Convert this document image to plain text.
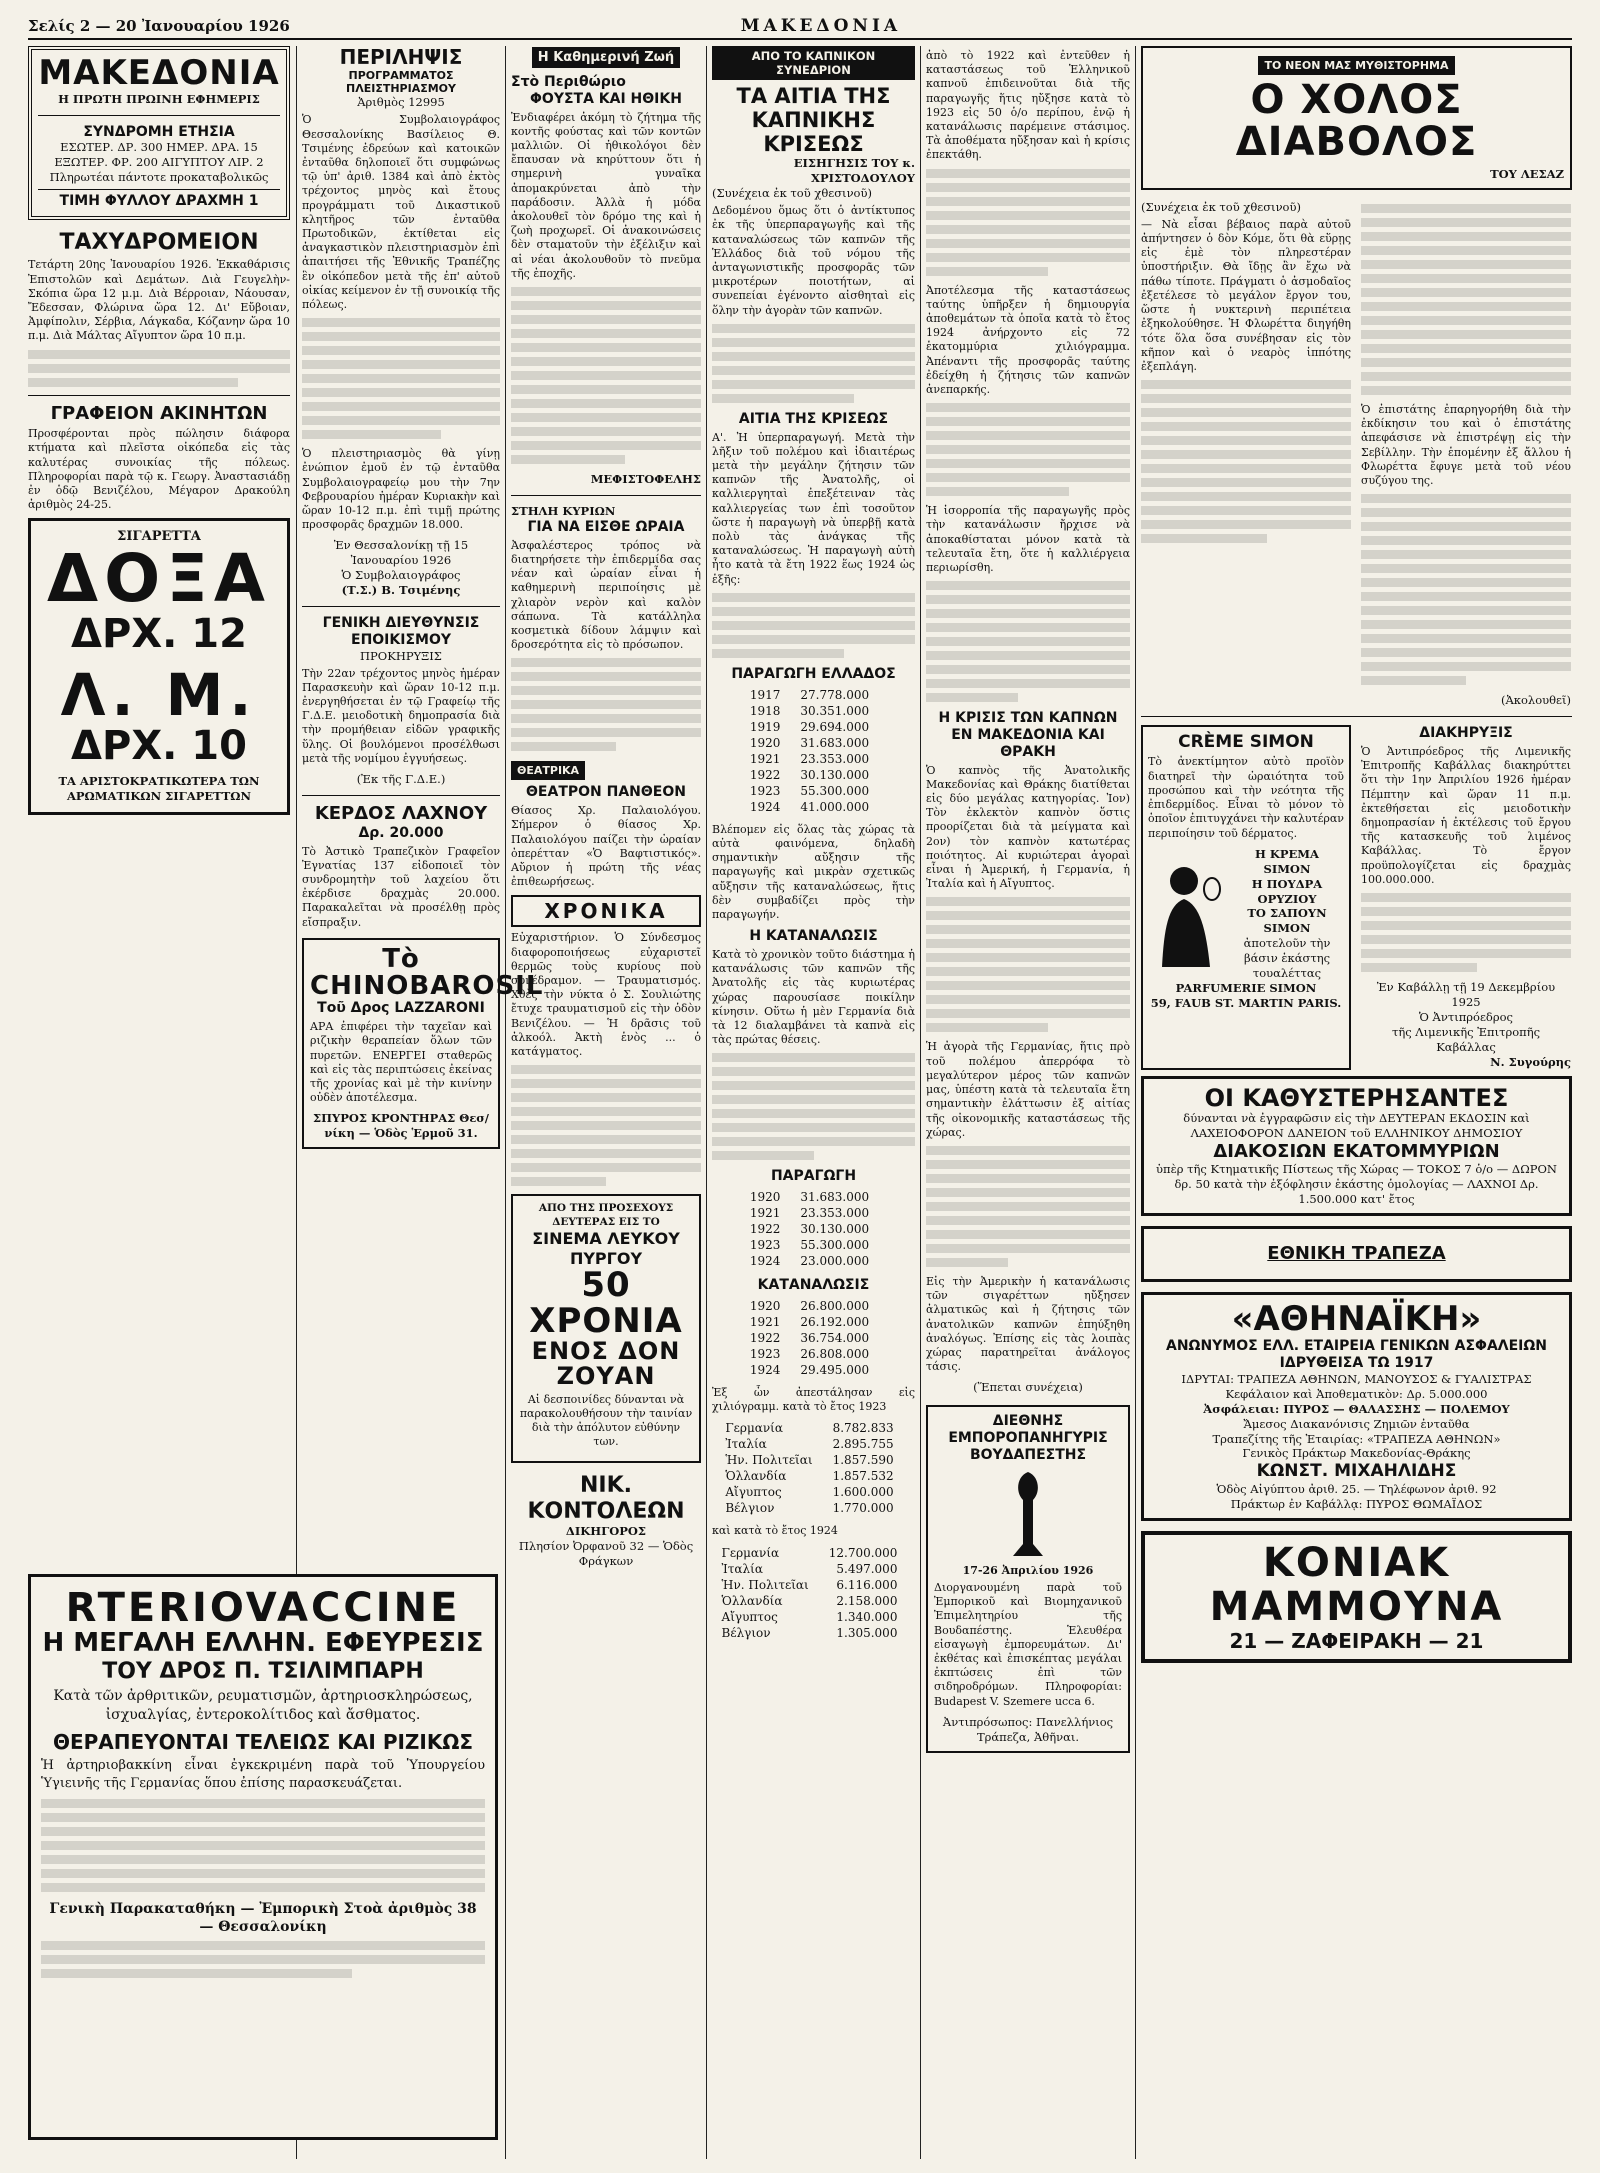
Σελίς 2 — 20 Ἰανουαρίου 1926	ΜΑΚΕΔΟΝΙΑ
ΜΑΚΕΔΟΝΙΑ
Η ΠΡΩΤΗ ΠΡΩΙΝΗ ΕΦΗΜΕΡΙΣ
ΣΥΝΔΡΟΜΗ ΕΤΗΣΙΑ
ΕΣΩΤΕΡ. ΔΡ. 300 ΗΜΕΡ. ΔΡΑ. 15
ΕΞΩΤΕΡ. ΦΡ. 200 ΑΙΓΥΠΤΟΥ ΛΙΡ. 2
Πληρωτέαι πάντοτε προκαταβολικῶς
ΤΙΜΗ ΦΥΛΛΟΥ ΔΡΑΧΜΗ 1
ΤΑΧΥΔΡΟΜΕΙΟΝ

Τετάρτη 20ης Ἰανουαρίου 1926. Ἐκκαθάρισις Ἐπιστολῶν καὶ Δεμάτων. Διὰ Γευγελὴν-Σκόπια ὥρα 12 μ.μ. Διὰ Βέρροιαν, Νάουσαν, Ἔδεσσαν, Φλώρινα ὥρα 12. Δι' Εὔβοιαν, Ἀμφίπολιν, Σέρβια, Λάγκαδα, Κόζανην ὥρα 10 π.μ. Διὰ Μάλτας Αἴγυπτον ὥρα 10 π.μ.

ΓΡΑΦΕΙΟΝ ΑΚΙΝΗΤΩΝ

Προσφέρονται πρὸς πώλησιν διάφορα κτήματα καὶ πλεῖστα οἰκόπεδα εἰς τὰς καλυτέρας συνοικίας τῆς πόλεως. Πληροφορίαι παρὰ τῷ κ. Γεωργ. Ἀναστασιάδῃ ἐν ὁδῷ Βενιζέλου, Μέγαρον Δρακούλη ἀριθμὸς 24-25.

ΣΙΓΑΡΕΤΤΑ
ΔΟΞΑ
ΔΡΧ. 12
Λ. Μ.
ΔΡΧ. 10
ΤΑ ΑΡΙΣΤΟΚΡΑΤΙΚΩΤΕΡΑ ΤΩΝ ΑΡΩΜΑΤΙΚΩΝ ΣΙΓΑΡΕΤΤΩΝ
ΠΕΡΙΛΗΨΙΣ
ΠΡΟΓΡΑΜΜΑΤΟΣ ΠΛΕΙΣΤΗΡΙΑΣΜΟΥ
Ἀριθμὸς 12995

Ὁ Συμβολαιογράφος Θεσσαλονίκης Βασίλειος Θ. Τσιμένης ἐδρεύων καὶ κατοικῶν ἐνταῦθα δηλοποιεῖ ὅτι συμφώνως τῷ ὑπ' ἀριθ. 1384 καὶ ἀπὸ ἐκτὸς τρέχοντος μηνὸς καὶ ἔτους προγράμματι τοῦ Δικαστικοῦ κλητῆρος τῶν ἐνταῦθα Πρωτοδικῶν, ἐκτίθεται εἰς ἀναγκαστικὸν πλειστηριασμὸν ἐπὶ ἀπαιτήσει τῆς Ἐθνικῆς Τραπέζης ἓν οἰκόπεδον μετὰ τῆς ἐπ' αὐτοῦ οἰκίας κείμενον ἐν τῇ συνοικίᾳ τῆς πόλεως.

Ὁ πλειστηριασμὸς θὰ γίνῃ ἐνώπιον ἐμοῦ ἐν τῷ ἐνταῦθα Συμβολαιογραφείῳ μου τὴν 7ην Φεβρουαρίου ἡμέραν Κυριακὴν καὶ ὥραν 10-12 π.μ. ἐπὶ τιμῇ πρώτης προσφορᾶς δραχμῶν 18.000.

Ἐν Θεσσαλονίκῃ τῇ 15 Ἰανουαρίου 1926
Ὁ Συμβολαιογράφος
(Τ.Σ.) Β. Τσιμένης
ΓΕΝΙΚΗ ΔΙΕΥΘΥΝΣΙΣ ΕΠΟΙΚΙΣΜΟΥ
ΠΡΟΚΗΡΥΞΙΣ

Τὴν 22αν τρέχοντος μηνὸς ἡμέραν Παρασκευὴν καὶ ὥραν 10-12 π.μ. ἐνεργηθήσεται ἐν τῷ Γραφείῳ τῆς Γ.Δ.Ε. μειοδοτικὴ δημοπρασία διὰ τὴν προμήθειαν εἰδῶν γραφικῆς ὕλης. Οἱ βουλόμενοι προσέλθωσι μετὰ τῆς νομίμου ἐγγυήσεως.

(Ἐκ τῆς Γ.Δ.Ε.)
ΚΕΡΔΟΣ ΛΑΧΝΟΥ
Δρ. 20.000

Τὸ Ἀστικὸ Τραπεζικὸν Γραφεῖον Ἐγνατίας 137 εἰδοποιεῖ τὸν συνδρομητὴν τοῦ λαχείου ὅτι ἐκέρδισε δραχμὰς 20.000. Παρακαλεῖται νὰ προσέλθῃ πρὸς εἴσπραξιν.

Τὸ CHINOBAROSIL
Τοῦ Δρος LAZZARONI

ΑΡΑ ἐπιφέρει τὴν ταχεῖαν καὶ ριζικὴν θεραπείαν ὅλων τῶν πυρετῶν. ΕΝΕΡΓΕΙ σταθερῶς καὶ εἰς τὰς περιπτώσεις ἐκείνας τῆς χρονίας καὶ μὲ τὴν κινίνην οὐδὲν ἀποτέλεσμα.

ΣΠΥΡΟΣ ΚΡΟΝΤΗΡΑΣ Θεσ/νίκη — Ὁδὸς Ἑρμοῦ 31.
Η Καθημερινή Ζωή
Στὸ Περιθώριο
ΦΟΥΣΤΑ ΚΑΙ ΗΘΙΚΗ

Ἐνδιαφέρει ἀκόμη τὸ ζήτημα τῆς κοντῆς φούστας καὶ τῶν κοντῶν μαλλιῶν. Οἱ ἠθικολόγοι δὲν ἔπαυσαν νὰ κηρύττουν ὅτι ἡ σημερινὴ γυναῖκα ἀπομακρύνεται ἀπὸ τὴν παράδοσιν. Ἀλλὰ ἡ μόδα ἀκολουθεῖ τὸν δρόμο της καὶ ἡ ζωὴ προχωρεῖ. Οἱ ἀνακοινώσεις δὲν σταματοῦν τὴν ἐξέλιξιν καὶ αἱ νέαι ἀκολουθοῦν τὸ πνεῦμα τῆς ἐποχῆς.

ΜΕΦΙΣΤΟΦΕΛΗΣ
ΣΤΗΛΗ ΚΥΡΙΩΝ
ΓΙΑ ΝΑ ΕΙΣΘΕ ΩΡΑΙΑ

Ἀσφαλέστερος τρόπος νὰ διατηρήσετε τὴν ἐπιδερμίδα σας νέαν καὶ ὡραίαν εἶναι ἡ καθημερινὴ περιποίησις μὲ χλιαρὸν νερὸν καὶ καλὸν σάπωνα. Τὰ κατάλληλα κοσμετικὰ δίδουν λάμψιν καὶ δροσερότητα εἰς τὸ πρόσωπον.

ΘΕΑΤΡΙΚΑ
ΘΕΑΤΡΟΝ ΠΑΝΘΕΟΝ

Θίασος Χρ. Παλαιολόγου. Σήμερον ὁ θίασος Χρ. Παλαιολόγου παίζει τὴν ὡραίαν ὀπερέτταν «Ὁ Βαφτιστικός». Αὔριον ἡ πρώτη τῆς νέας ἐπιθεωρήσεως.

ΧΡΟΝΙΚΑ

Εὐχαριστήριον. Ὁ Σύνδεσμος διαφοροποιήσεως εὐχαριστεῖ θερμῶς τοὺς κυρίους ποὺ συνέδραμον. — Τραυματισμός. Χθὲς τὴν νύκτα ὁ Σ. Σουλιώτης ἔτυχε τραυματισμοῦ εἰς τὴν ὁδὸν Βενιζέλου. — Ἡ δρᾶσις τοῦ ἀλκοόλ. Ἀκτὴ ἑνὸς ... ὁ κατάγματος.

ΑΠΟ ΤΗΣ ΠΡΟΣΕΧΟΥΣ ΔΕΥΤΕΡΑΣ ΕΙΣ ΤΟ
ΣΙΝΕΜΑ ΛΕΥΚΟΥ ΠΥΡΓΟΥ
50 ΧΡΟΝΙΑ
ΕΝΟΣ ΔΟΝ ΖΟΥΑΝ

Αἱ δεσποινίδες δύνανται νὰ παρακολουθήσουν τὴν ταινίαν διὰ τὴν ἀπόλυτον εὐθύνην των.

ΝΙΚ. ΚΟΝΤΟΛΕΩΝ
ΔΙΚΗΓΟΡΟΣ
Πλησίον Ὀρφανοῦ 32 — Ὁδὸς Φράγκων
ΑΠΟ ΤΟ ΚΑΠΝΙΚΟΝ ΣΥΝΕΔΡΙΟΝ
ΤΑ ΑΙΤΙΑ ΤΗΣ ΚΑΠΝΙΚΗΣ ΚΡΙΣΕΩΣ
ΕΙΣΗΓΗΣΙΣ ΤΟΥ κ. ΧΡΙΣΤΟΔΟΥΛΟΥ
(Συνέχεια ἐκ τοῦ χθεσινοῦ)

Δεδομένου ὅμως ὅτι ὁ ἀντίκτυπος ἐκ τῆς ὑπερπαραγωγῆς καὶ τῆς καταναλώσεως τῶν καπνῶν τῆς Ἑλλάδος διὰ τοῦ νόμου τῆς ἀνταγωνιστικῆς προσφορᾶς τῶν μικροτέρων ποιοτήτων, αἱ συνεπείαι ἐγένοντο αἰσθηταὶ εἰς ὅλην τὴν ἀγορὰν τῶν καπνῶν.

ΑΙΤΙΑ ΤΗΣ ΚΡΙΣΕΩΣ

Α'. Ἡ ὑπερπαραγωγή. Μετὰ τὴν λῆξιν τοῦ πολέμου καὶ ἰδιαιτέρως μετὰ τὴν μεγάλην ζήτησιν τῶν καπνῶν τῆς Ἀνατολῆς, οἱ καλλιεργηταὶ ἐπεξέτειναν τὰς καλλιεργείας των ἐπὶ τοσοῦτον ὥστε ἡ παραγωγὴ νὰ ὑπερβῇ κατὰ πολὺ τὰς ἀνάγκας τῆς καταναλώσεως. Ἡ παραγωγὴ αὐτὴ ἦτο κατὰ τὰ ἔτη 1922 ἕως 1924 ὡς ἑξῆς:

ΠΑΡΑΓΩΓΗ ΕΛΛΑΔΟΣ
1917	27.778.000
1918	30.351.000
1919	29.694.000
1920	31.683.000
1921	23.353.000
1922	30.130.000
1923	55.300.000
1924	41.000.000

Βλέπομεν εἰς ὅλας τὰς χώρας τὰ αὐτὰ φαινόμενα, δηλαδὴ σημαντικὴν αὔξησιν τῆς παραγωγῆς καὶ μικρὰν σχετικῶς αὔξησιν τῆς καταναλώσεως, ἥτις δὲν συμβαδίζει πρὸς τὴν παραγωγήν.

Η ΚΑΤΑΝΑΛΩΣΙΣ

Κατὰ τὸ χρονικὸν τοῦτο διάστημα ἡ κατανάλωσις τῶν καπνῶν τῆς Ἀνατολῆς εἰς τὰς κυριωτέρας χώρας παρουσίασε ποικίλην κίνησιν. Οὕτω ἡ μὲν Γερμανία διὰ τὰ 12 διαλαμβάνει τὰ καπνὰ εἰς τὰς πρώτας θέσεις.

ΠΑΡΑΓΩΓΗ
1920	31.683.000
1921	23.353.000
1922	30.130.000
1923	55.300.000
1924	23.000.000
ΚΑΤΑΝΑΛΩΣΙΣ
1920	26.800.000
1921	26.192.000
1922	36.754.000
1923	26.808.000
1924	29.495.000

Ἐξ ὧν ἀπεστάλησαν εἰς χιλιόγραμμ. κατὰ τὸ ἔτος 1923

Γερμανία	8.782.833
Ἰταλία	2.895.755
Ἡν. Πολιτεῖαι	1.857.590
Ὁλλανδία	1.857.532
Αἴγυπτος	1.600.000
Βέλγιον	1.770.000

καὶ κατὰ τὸ ἔτος 1924

Γερμανία	12.700.000
Ἰταλία	5.497.000
Ἡν. Πολιτεῖαι	6.116.000
Ὁλλανδία	2.158.000
Αἴγυπτος	1.340.000
Βέλγιον	1.305.000

ἀπὸ τὸ 1922 καὶ ἐντεῦθεν ἡ καταστάσεως τοῦ Ἑλληνικοῦ καπνοῦ ἐπιδεινοῦται διὰ τῆς παραγωγῆς ἥτις ηὔξησε κατὰ τὸ 1923 εἰς 50 ὁ/ο περίπου, ἐνῷ ἡ κατανάλωσις παρέμεινε στάσιμος. Τὰ ἀποθέματα ηὔξησαν καὶ ἡ κρίσις ἐπεκτάθη.

Ἀποτέλεσμα τῆς καταστάσεως ταύτης ὑπῆρξεν ἡ δημιουργία ἀποθεμάτων τὰ ὁποῖα κατὰ τὸ ἔτος 1924 ἀνήρχοντο εἰς 72 ἑκατομμύρια χιλιόγραμμα. Ἀπέναντι τῆς προσφορᾶς ταύτης ἐδείχθη ἡ ζήτησις τῶν καπνῶν ἀνεπαρκής.

Ἡ ἰσορροπία τῆς παραγωγῆς πρὸς τὴν κατανάλωσιν ἤρχισε νὰ ἀποκαθίσταται μόνον κατὰ τὰ τελευταῖα ἔτη, ὅτε ἡ καλλιέργεια περιωρίσθη.

Η ΚΡΙΣΙΣ ΤΩΝ ΚΑΠΝΩΝ ΕΝ ΜΑΚΕΔΟΝΙΑ ΚΑΙ ΘΡΑΚΗ

Ὁ καπνὸς τῆς Ἀνατολικῆς Μακεδονίας καὶ Θράκης διατίθεται εἰς δύο μεγάλας κατηγορίας. Ἰον) Τὸν ἐκλεκτὸν καπνὸν ὅστις προορίζεται διὰ τὰ μείγματα καὶ 2ον) τὸν καπνὸν κατωτέρας ποιότητος. Αἱ κυριώτεραι ἀγοραὶ εἶναι ἡ Ἀμερική, ἡ Γερμανία, ἡ Ἰταλία καὶ ἡ Αἴγυπτος.

Ἡ ἀγορὰ τῆς Γερμανίας, ἥτις πρὸ τοῦ πολέμου ἀπερρόφα τὸ μεγαλύτερον μέρος τῶν καπνῶν μας, ὑπέστη κατὰ τὰ τελευταῖα ἔτη σημαντικὴν ἐλάττωσιν ἐξ αἰτίας τῆς οἰκονομικῆς καταστάσεως τῆς χώρας.

Εἰς τὴν Ἀμερικὴν ἡ κατανάλωσις τῶν σιγαρέττων ηὔξησεν ἀλματικῶς καὶ ἡ ζήτησις τῶν ἀνατολικῶν καπνῶν ἐπηύξηθη ἀναλόγως. Ἐπίσης εἰς τὰς λοιπὰς χώρας παρατηρεῖται ἀνάλογος τάσις.

(Ἕπεται συνέχεια)
ΔΙΕΘΝΗΣ ΕΜΠΟΡΟΠΑΝΗΓΥΡΙΣ ΒΟΥΔΑΠΕΣΤΗΣ
17-26 Ἀπριλίου 1926

Διοργανουμένη παρὰ τοῦ Ἐμπορικοῦ καὶ Βιομηχανικοῦ Ἐπιμελητηρίου τῆς Βουδαπέστης. Ἑλευθέρα εἰσαγωγὴ ἐμπορευμάτων. Δι' ἐκθέτας καὶ ἐπισκέπτας μεγάλαι ἐκπτώσεις ἐπὶ τῶν σιδηροδρόμων. Πληροφορίαι: Budapest V. Szemere ucca 6.

Ἀντιπρόσωπος: Πανελλήνιος Τράπεζα, Ἀθῆναι.
ΤΟ ΝΕΟΝ ΜΑΣ ΜΥΘΙΣΤΟΡΗΜΑ
Ο ΧΟΛΟΣ ΔΙΑΒΟΛΟΣ
ΤΟΥ ΛΕΣΑΖ
(Συνέχεια ἐκ τοῦ χθεσινοῦ)

— Νὰ εἶσαι βέβαιος παρὰ αὐτοῦ ἀπήντησεν ὁ δὸν Κόμε, ὅτι θὰ εὕρῃς εἰς ἐμὲ τὸν πληρεστέραν ὑποστήριξιν. Θὰ ἴδῃς ἂν ἔχω νὰ πάθω τίποτε. Πράγματι ὁ ἀσμοδαῖος ἐξετέλεσε τὸ μεγάλον ἔργον του, ὥστε ἡ νυκτερινὴ περιπέτεια ἐξηκολούθησε. Ἡ Φλωρέττα διηγήθη τότε ὅλα ὅσα συνέβησαν εἰς τὸν κῆπον καὶ ὁ νεαρὸς ἱππότης ἐξεπλάγη.

Ὁ ἐπιστάτης ἐπαρηγορήθη διὰ τὴν ἐκδίκησιν του καὶ ὁ ἐπιστάτης ἀπεφάσισε νὰ ἐπιστρέψῃ εἰς τὴν Σεβίλλην. Τὴν ἑπομένην ἐξ ἄλλου ἡ Φλωρέττα ἔφυγε μετὰ τοῦ νέου συζύγου της.

(Ἀκολουθεῖ)
CRÈME SIMON

Τὸ ἀνεκτίμητον αὐτὸ προϊὸν διατηρεῖ τὴν ὡραιότητα τοῦ προσώπου καὶ τὴν νεότητα τῆς ἐπιδερμίδος. Εἶναι τὸ μόνον τὸ ὁποῖον ἐπιτυγχάνει τὴν καλυτέραν περιποίησιν τοῦ δέρματος.

Η ΚΡΕΜΑ SIMON
Η ΠΟΥΔΡΑ ΟΡΥΖΙΟΥ
ΤΟ ΣΑΠΟΥΝ SIMON
ἀποτελοῦν τὴν βάσιν ἑκάστης τουαλέττας
PARFUMERIE SIMON
59, FAUB ST. MARTIN PARIS.
ΔΙΑΚΗΡΥΞΙΣ

Ὁ Ἀντιπρόεδρος τῆς Λιμενικῆς Ἐπιτροπῆς Καβάλλας διακηρύττει ὅτι τὴν 1ην Ἀπριλίου 1926 ἡμέραν Πέμπτην καὶ ὥραν 11 π.μ. ἐκτεθήσεται εἰς μειοδοτικὴν δημοπρασίαν ἡ ἐκτέλεσις τοῦ ἔργου τῆς κατασκευῆς τοῦ λιμένος Καβάλλας. Τὸ ἔργον προϋπολογίζεται εἰς δραχμὰς 100.000.000.

Ἐν Καβάλλῃ τῇ 19 Δεκεμβρίου 1925
Ὁ Ἀντιπρόεδρος
τῆς Λιμενικῆς Ἐπιτροπῆς Καβάλλας
Ν. Συγούρης
ΟΙ ΚΑΘΥΣΤΕΡΗΣΑΝΤΕΣ
δύνανται νὰ ἐγγραφῶσιν εἰς τὴν ΔΕΥΤΕΡΑΝ ΕΚΔΟΣΙΝ καὶ ΛΑΧΕΙΟΦΟΡΟΝ ΔΑΝΕΙΟΝ τοῦ ΕΛΛΗΝΙΚΟΥ ΔΗΜΟΣΙΟΥ
ΔΙΑΚΟΣΙΩΝ ΕΚΑΤΟΜΜΥΡΙΩΝ
ὑπὲρ τῆς Κτηματικῆς Πίστεως τῆς Χώρας — ΤΟΚΟΣ 7 ὁ/ο — ΔΩΡΟΝ δρ. 50 κατὰ τὴν ἐξόφλησιν ἑκάστης ὁμολογίας — ΛΑΧΝΟΙ Δρ. 1.500.000 κατ' ἔτος
ΕΘΝΙΚΗ ΤΡΑΠΕΖΑ
«ΑΘΗΝΑΪΚΗ»
ΑΝΩΝΥΜΟΣ ΕΛΛ. ΕΤΑΙΡΕΙΑ ΓΕΝΙΚΩΝ ΑΣΦΑΛΕΙΩΝ
ΙΔΡΥΘΕΙΣΑ ΤΩ 1917
ΙΔΡΥΤΑΙ: ΤΡΑΠΕΖΑ ΑΘΗΝΩΝ, ΜΑΝΟΥΣΟΣ & ΓΥΑΛΙΣΤΡΑΣ
Κεφάλαιον καὶ Ἀποθεματικὸν: Δρ. 5.000.000
Ἀσφάλειαι: ΠΥΡΟΣ — ΘΑΛΑΣΣΗΣ — ΠΟΛΕΜΟΥ
Ἄμεσος Διακανόνισις Ζημιῶν ἐνταῦθα
Τραπεζίτης τῆς Ἑταιρίας: «ΤΡΑΠΕΖΑ ΑΘΗΝΩΝ»
Γενικὸς Πράκτωρ Μακεδονίας-Θράκης
ΚΩΝΣΤ. ΜΙΧΑΗΛΙΔΗΣ
Ὁδὸς Αἰγύπτου ἀριθ. 25. — Τηλέφωνον ἀριθ. 92
Πράκτωρ ἐν Καβάλλᾳ: ΠΥΡΟΣ ΘΩΜΑΪΔΟΣ
ΚΟΝΙΑΚ ΜΑΜΜΟΥΝΑ
21 — ΖΑΦΕΙΡΑΚΗ — 21
RTERIOVACCINE
Η ΜΕΓΑΛΗ ΕΛΛΗΝ. ΕΦΕΥΡΕΣΙΣ
ΤΟΥ ΔΡΟΣ Π. ΤΣΙΛΙΜΠΑΡΗ

Κατὰ τῶν ἀρθριτικῶν, ρευματισμῶν, ἀρτηριοσκληρώσεως, ἰσχυαλγίας, ἐντεροκολίτιδος καὶ ἄσθματος.

ΘΕΡΑΠΕΥΟΝΤΑΙ ΤΕΛΕΙΩΣ ΚΑΙ ΡΙΖΙΚΩΣ

Ἡ ἀρτηριοβακκίνη εἶναι ἐγκεκριμένη παρὰ τοῦ Ὑπουργείου Ὑγιεινῆς τῆς Γερμανίας ὅπου ἐπίσης παρασκευάζεται.

Γενικὴ Παρακαταθήκη — Ἐμπορικὴ Στοὰ ἀριθμὸς 38 — Θεσσαλονίκη
